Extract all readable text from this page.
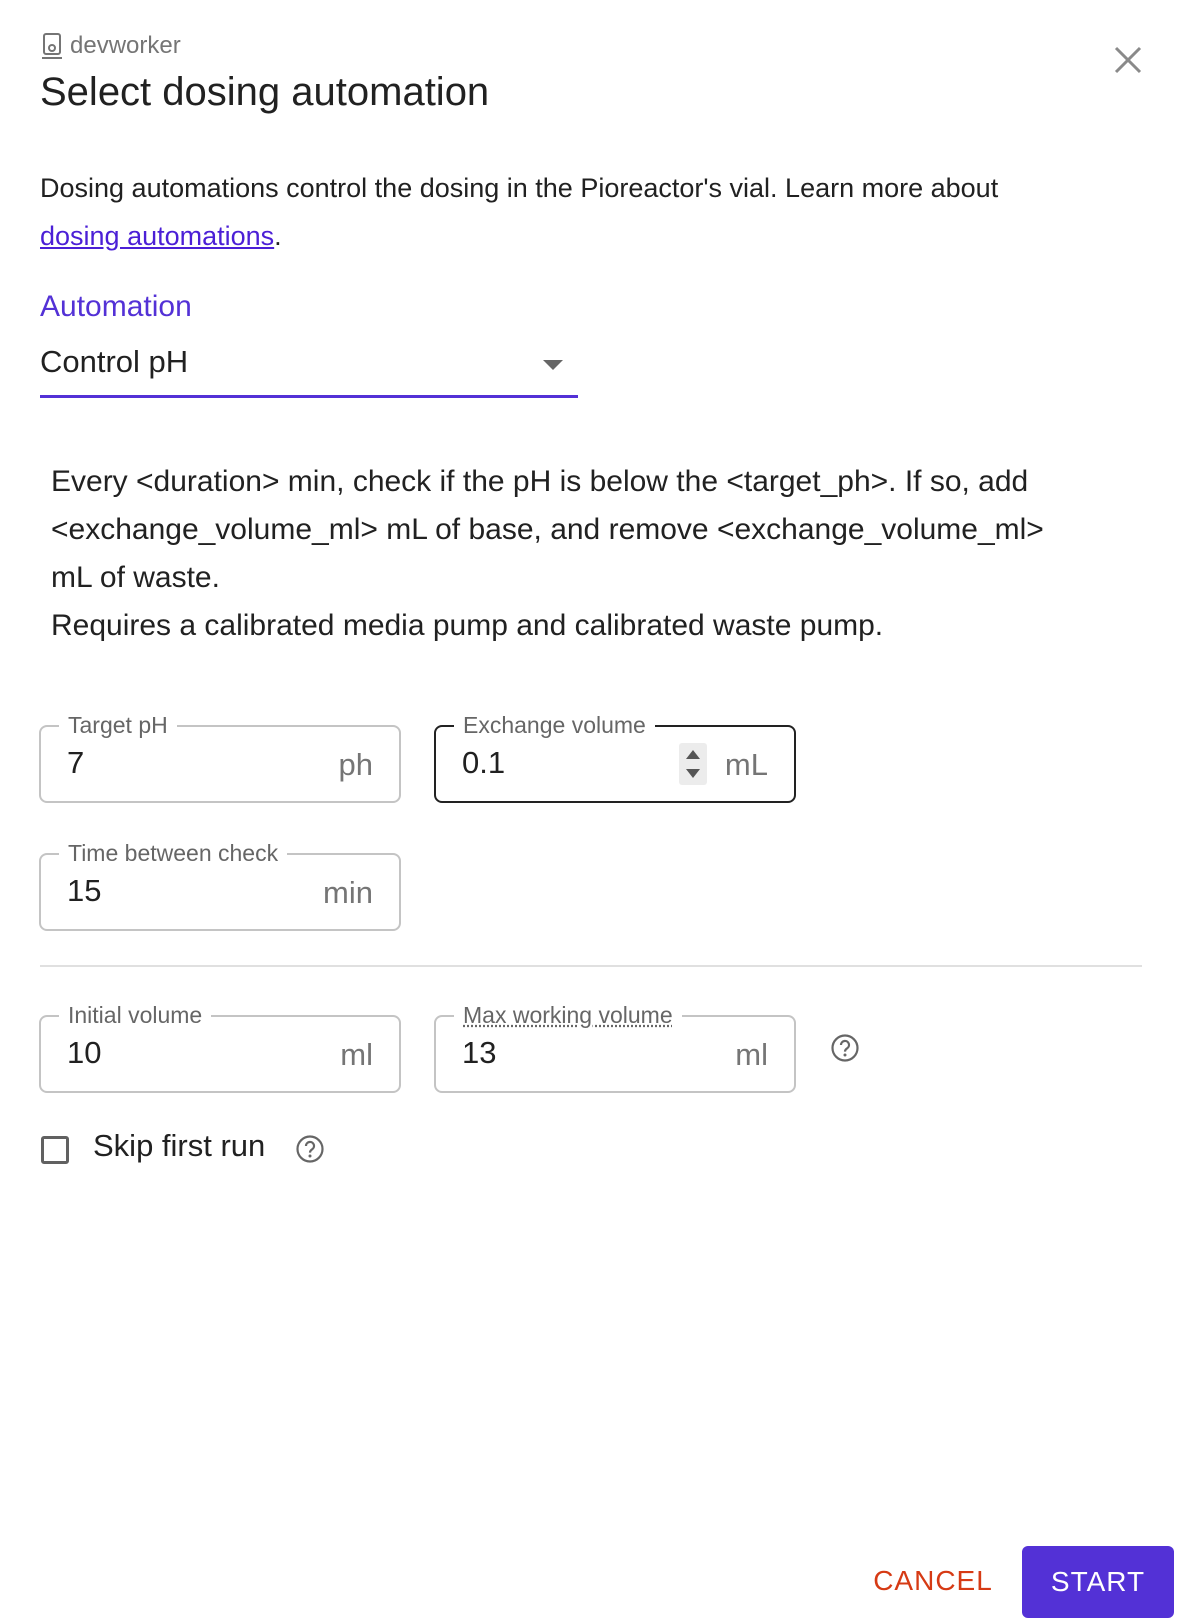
devworker
Select dosing automation
Dosing automations control the dosing in the Pioreactor's vial. Learn more about
dosing automations.
Automation
Control pH
Every <duration> min, check if the pH is below the <target_ph>. If so, add
<exchange_volume_ml> mL of base, and remove <exchange_volume_ml>
mL of waste.
Requires a calibrated media pump and calibrated waste pump.
Target pH
7
ph
Exchange volume
0.1
mL
Time between check
15
min
Initial volume
10
ml
Max working volume
13
ml
Skip first run
CANCEL	START
